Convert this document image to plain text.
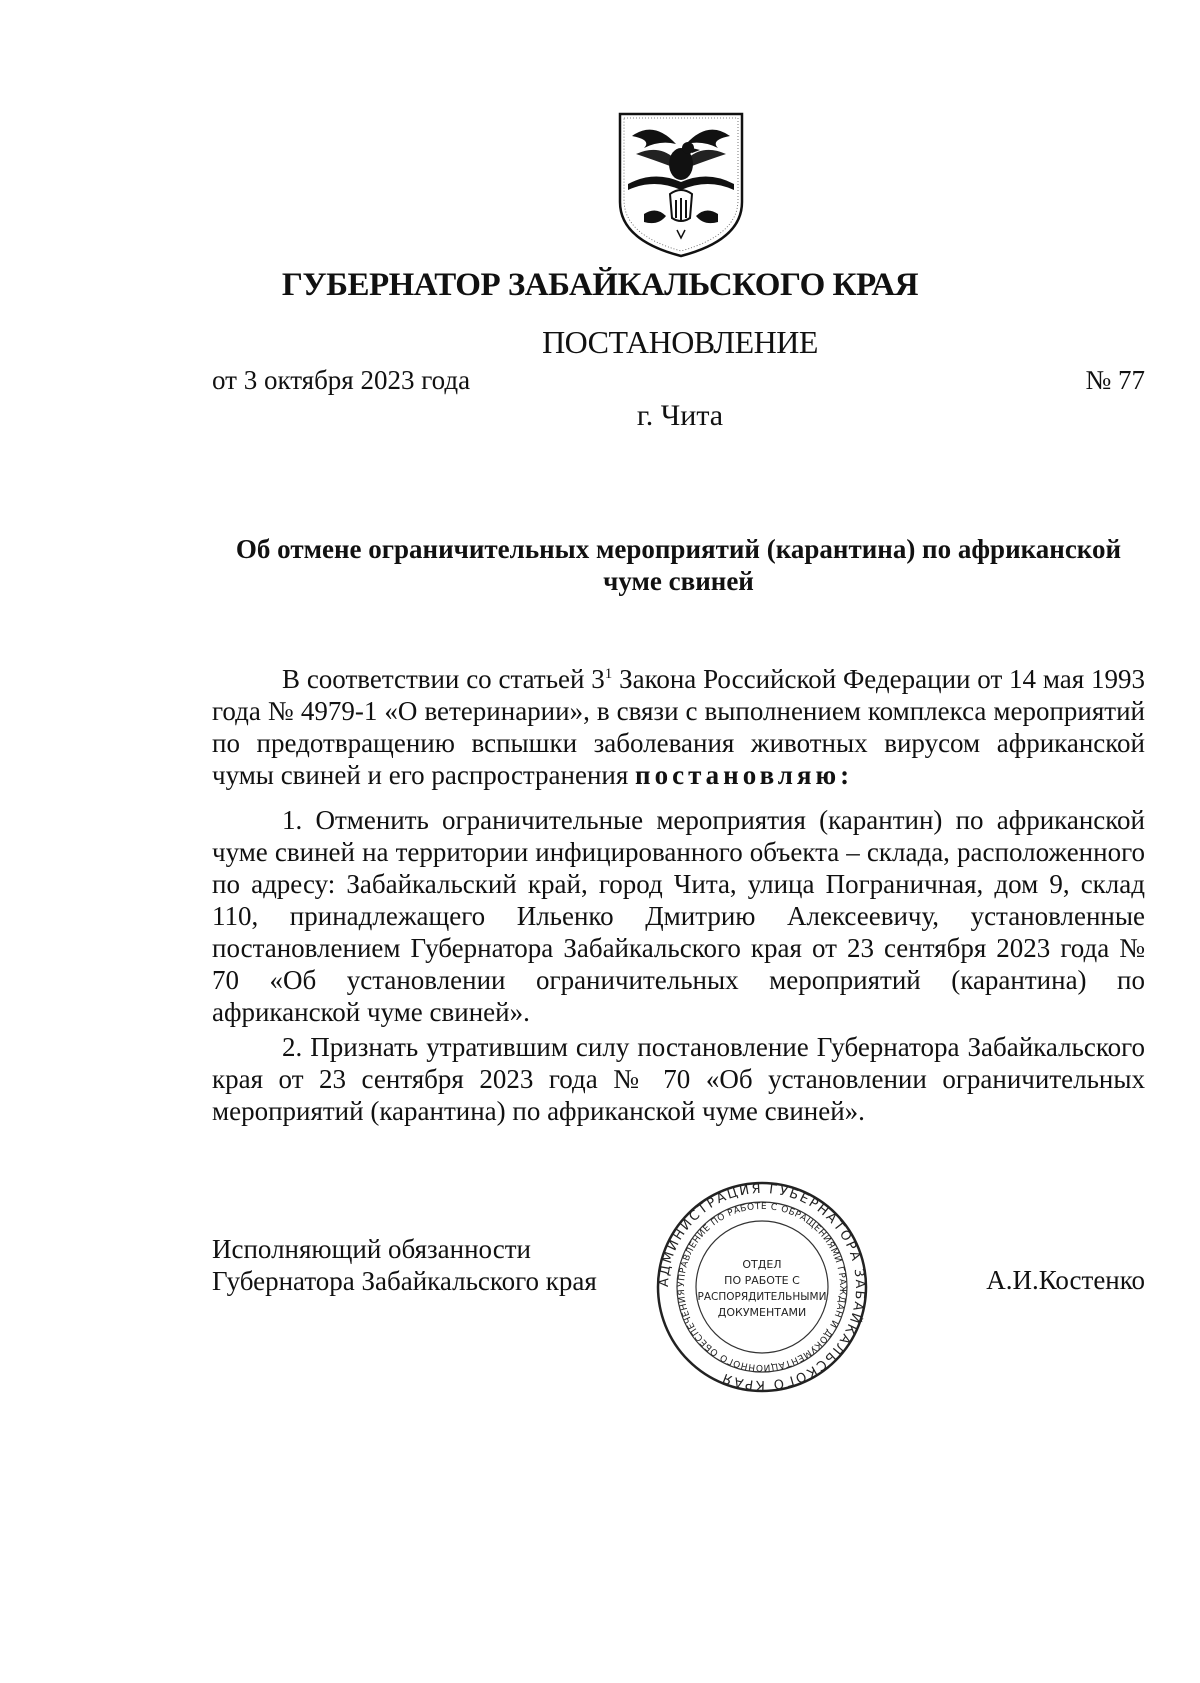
ГУБЕРНАТОР ЗАБАЙКАЛЬСКОГО КРАЯ
ПОСТАНОВЛЕНИЕ
от 3 октября 2023 года	№ 77
г. Чита
Об отмене ограничительных мероприятий (карантина) по африканской чуме свиней

В соответствии со статьей $3^1$ Закона Российской Федерации от 14 мая 1993 года № 4979-1 «О ветеринарии», в связи с выполнением комплекса мероприятий по предотвращению вспышки заболевания животных вирусом африканской чумы свиней и его распространения постановляю:

1. Отменить ограничительные мероприятия (карантин) по африканской чуме свиней на территории инфицированного объекта – склада, расположенного по адресу: Забайкальский край, город Чита, улица Пограничная, дом 9, склад 110, принадлежащего Ильенко Дмитрию Алексеевичу, установленные постановлением Губернатора Забайкальского края от 23 сентября 2023 года № 70 «Об установлении ограничительных мероприятий (карантина) по африканской чуме свиней».

2. Признать утратившим силу постановление Губернатора Забайкальского края от 23 сентября 2023 года № 70 «Об установлении ограничительных мероприятий (карантина) по африканской чуме свиней».

Исполняющий обязанности
Губернатора Забайкальского края	А.И.Костенко
АДМИНИСТРАЦИЯ ГУБЕРНАТОРА ЗАБАЙКАЛЬСКОГО КРАЯ
УПРАВЛЕНИЕ ПО РАБОТЕ С ОБРАЩЕНИЯМИ ГРАЖДАН И ДОКУМЕНТАЦИОННОГО ОБЕСПЕЧЕНИЯ
ОТДЕЛ
ПО РАБОТЕ С
РАСПОРЯДИТЕЛЬНЫМИ
ДОКУМЕНТАМИ
